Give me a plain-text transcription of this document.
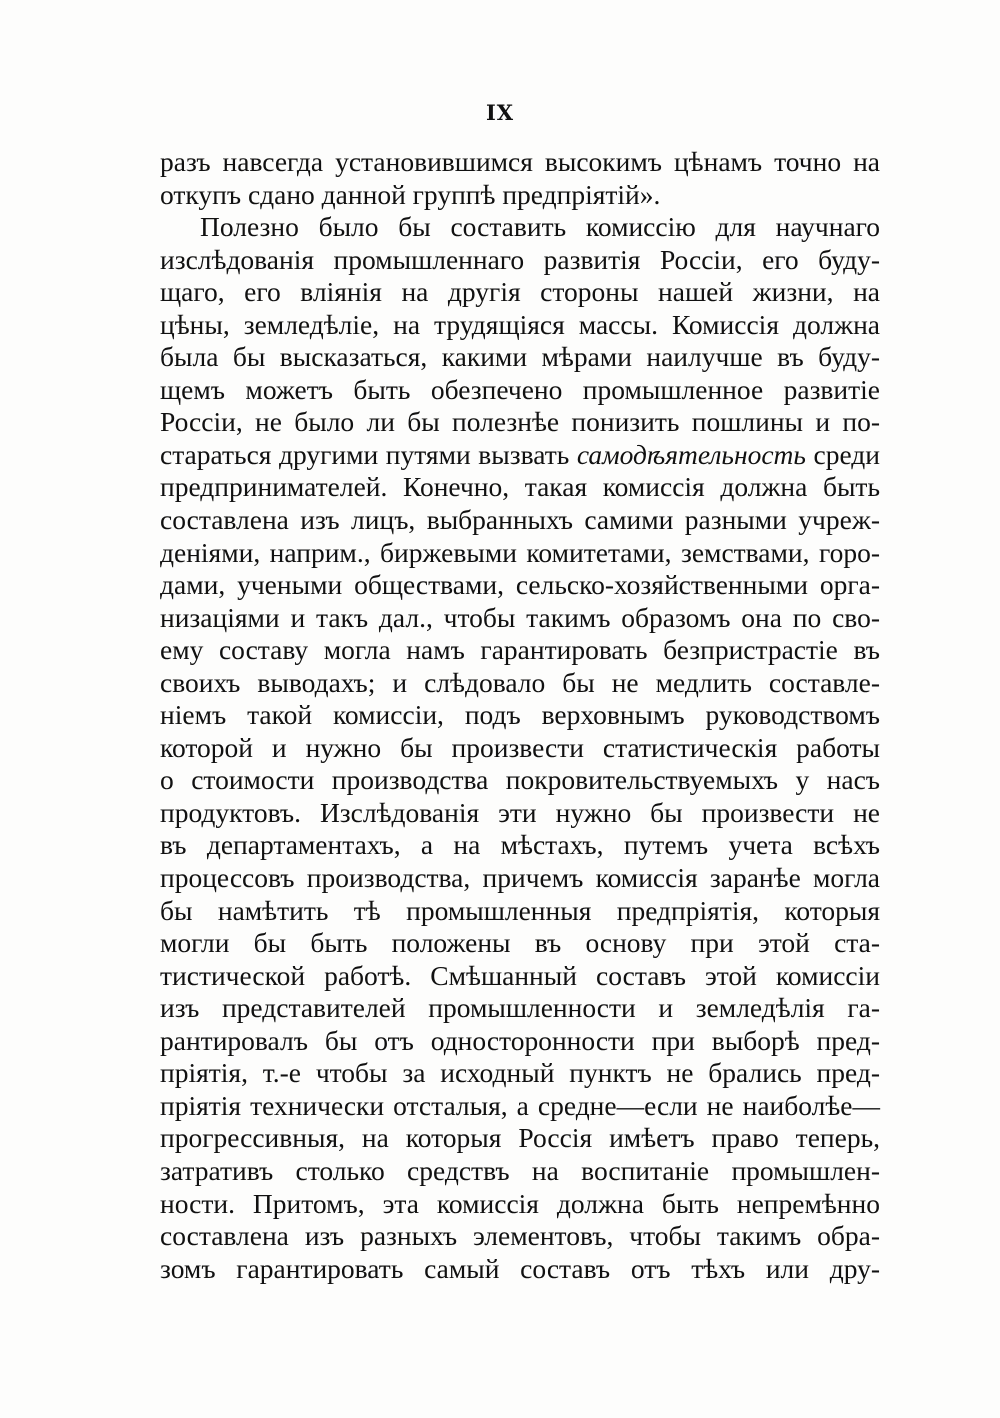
IX
разъ навсегда установившимся высокимъ цѣнамъ точно на
откупъ сдано данной группѣ предпріятій».
Полезно было бы составить комиссію для научнаго
изслѣдованія промышленнаго развитія Россіи, его буду-
щаго, его вліянія на другія стороны нашей жизни, на
цѣны, земледѣліе, на трудящіяся массы. Комиссія должна
была бы высказаться, какими мѣрами наилучше въ буду-
щемъ можетъ быть обезпечено промышленное развитіе
Россіи, не было ли бы полезнѣе понизить пошлины и по-
стараться другими путями вызвать самодѣятельность среди
предпринимателей. Конечно, такая комиссія должна быть
составлена изъ лицъ, выбранныхъ самими разными учреж-
деніями, наприм., биржевыми комитетами, земствами, горо-
дами, учеными обществами, сельско-хозяйственными орга-
низаціями и такъ дал., чтобы такимъ образомъ она по сво-
ему составу могла намъ гарантировать безпристрастіе въ
своихъ выводахъ; и слѣдовало бы не медлить составле-
ніемъ такой комиссіи, подъ верховнымъ руководствомъ
которой и нужно бы произвести статистическія работы
о стоимости производства покровительствуемыхъ у насъ
продуктовъ. Изслѣдованія эти нужно бы произвести не
въ департаментахъ, а на мѣстахъ, путемъ учета всѣхъ
процессовъ производства, причемъ комиссія заранѣе могла
бы намѣтить тѣ промышленныя предпріятія, которыя
могли бы быть положены въ основу при этой ста-
тистической работѣ. Смѣшанный составъ этой комиссіи
изъ представителей промышленности и земледѣлія га-
рантировалъ бы отъ односторонности при выборѣ пред-
пріятія, т.-е чтобы за исходный пунктъ не брались пред-
пріятія технически отсталыя, а средне—если не наиболѣе—
прогрессивныя, на которыя Россія имѣетъ право теперь,
затративъ столько средствъ на воспитаніе промышлен-
ности. Притомъ, эта комиссія должна быть непремѣнно
составлена изъ разныхъ элементовъ, чтобы такимъ обра-
зомъ гарантировать самый составъ отъ тѣхъ или дру-
